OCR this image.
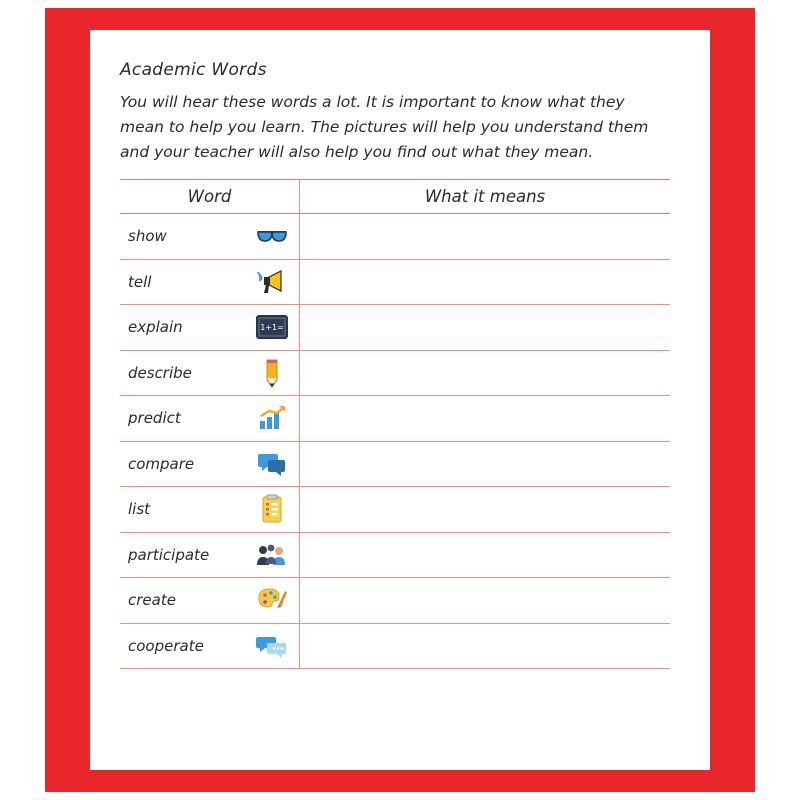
Academic Words
You will hear these words a lot. It is important to know what they mean to help you learn. The pictures will help you understand them and your teacher will also help you find out what they mean.
Word	What it means
show
tell
explain	1+1=
describe
predict
compare
list
participate
create
cooperate
